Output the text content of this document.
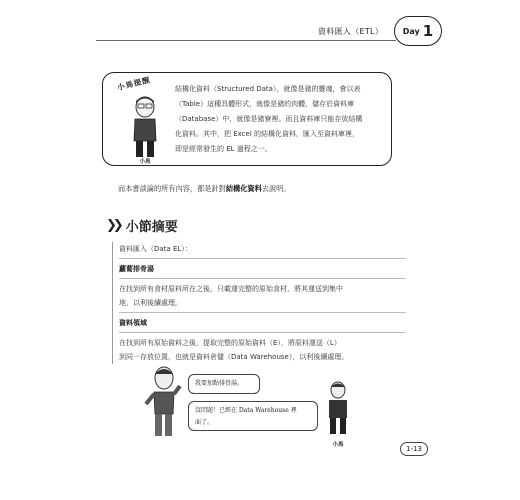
資料匯入（ETL） Day 1
小馬提醒
小馬
結構化資料（Structured Data），就像是豬的靈魂，會以表
（Table）這種具體形式，就像是豬的肉體，儲存於資料庫
（Database）中，就像是豬寮裡。而且資料庫只能存放結構
化資料。其中，把 Excel 的結構化資料，匯入至資料庫裡，
即是經常發生的 EL 過程之一。
而本書談論的所有內容，都是針對結構化資料去說明。
❯❯ 小節摘要
資料匯入（Data EL）：
蘿蔔排骨湯
在找到所有食材原料所在之後，只載運完整的原始食材，將其運送到集中
地，以利後續處理。
資料領域
在找到所有原始資料之後，提取完整的原始資料（E），將原料運送（L）
到同一存放位置，也就是資料倉儲（Data Warehouse），以利後續處理。
我要加點排骨湯。
沒問題！已經在 Data Warehouse 裡
面了。
小馬	1-13
